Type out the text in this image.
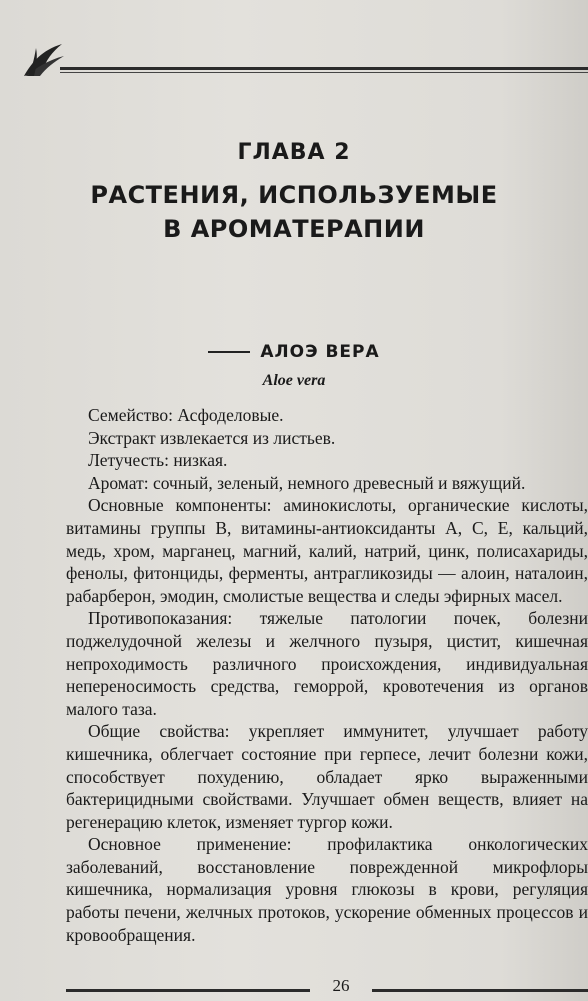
ГЛАВА 2
РАСТЕНИЯ, ИСПОЛЬЗУЕМЫЕ
В АРОМАТЕРАПИИ
АЛОЭ ВЕРА
Aloe vera

Семейство: Асфоделовые.

Экстракт извлекается из листьев.

Летучесть: низкая.

Аромат: сочный, зеленый, немного древесный и вяжущий.

Основные компоненты: аминокислоты, органические кислоты, витамины группы В, витамины-антиоксиданты А, С, Е, кальций, медь, хром, марганец, магний, калий, натрий, цинк, полисахариды, фенолы, фитонциды, ферменты, антрагликозиды — алоин, наталоин, рабарберон, эмодин, смолистые вещества и следы эфирных масел.

Противопоказания: тяжелые патологии почек, болезни поджелудочной железы и желчного пузыря, цистит, кишечная непроходимость различного происхождения, индивидуальная непереносимость средства, геморрой, кровотечения из органов малого таза.

Общие свойства: укрепляет иммунитет, улучшает работу кишечника, облегчает состояние при герпесе, лечит болезни кожи, способствует похудению, обладает ярко выраженными бактерицидными свойствами. Улучшает обмен веществ, влияет на регенерацию клеток, изменяет тургор кожи.

Основное применение: профилактика онкологических заболеваний, восстановление поврежденной микрофлоры кишечника, нормализация уровня глюкозы в крови, регуляция работы печени, желчных протоков, ускорение обменных процессов и кровообращения.

26
